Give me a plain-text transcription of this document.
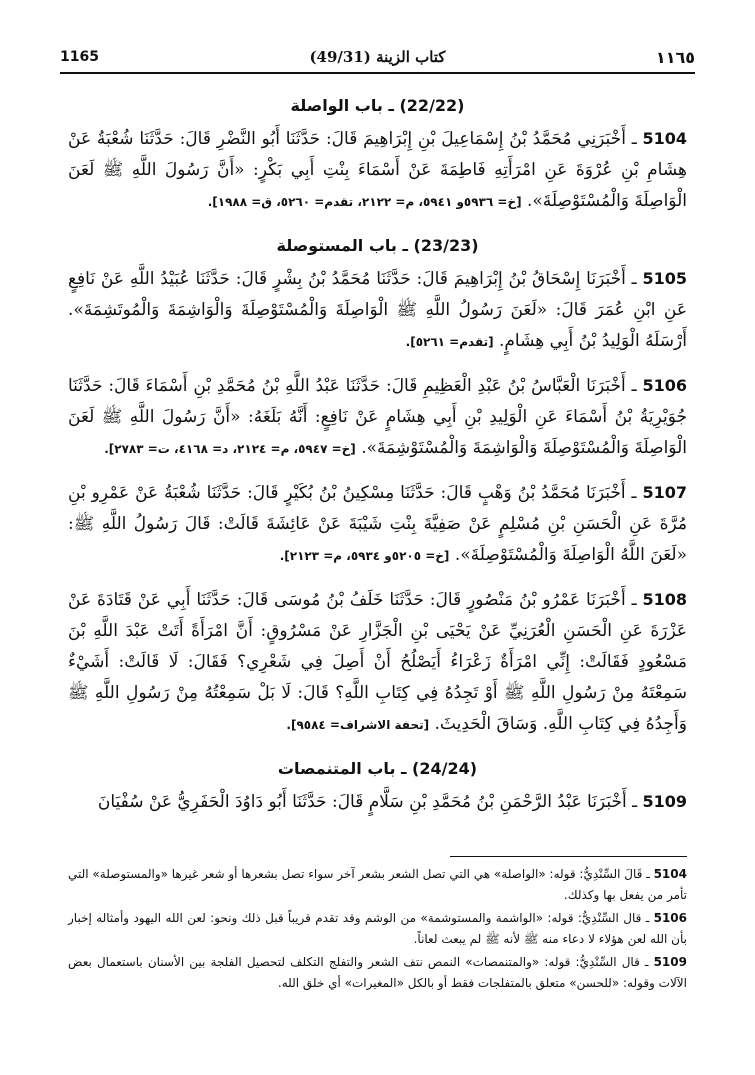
1165	كتاب الزينة (49/31)	١١٦٥
(22/22) ـ باب الواصلة

5104 ـ أَخْبَرَنِي مُحَمَّدُ بْنُ إِسْمَاعِيلَ بْنِ إِبْرَاهِيمَ قَالَ: حَدَّثَنَا أَبُو النَّضْرِ قَالَ: حَدَّثَنَا شُعْبَةُ عَنْ هِشَامِ بْنِ عُرْوَةَ عَنِ امْرَأَتِهِ فَاطِمَةَ عَنْ أَسْمَاءَ بِنْتِ أَبِي بَكْرٍ: «أَنَّ رَسُولَ اللَّهِ ﷺ لَعَنَ الْوَاصِلَةَ وَالْمُسْتَوْصِلَةَ». [خ= ٥٩٣٦و ٥٩٤١، م= ٢١٢٢، تقدم= ٥٢٦٠، ق= ١٩٨٨].

(23/23) ـ باب المستوصلة

5105 ـ أَخْبَرَنَا إِسْحَاقُ بْنُ إِبْرَاهِيمَ قَالَ: حَدَّثَنَا مُحَمَّدُ بْنُ بِشْرٍ قَالَ: حَدَّثَنَا عُبَيْدُ اللَّهِ عَنْ نَافِعٍ عَنِ ابْنِ عُمَرَ قَالَ: «لَعَنَ رَسُولُ اللَّهِ ﷺ الْوَاصِلَةَ وَالْمُسْتَوْصِلَةَ وَالْوَاشِمَةَ وَالْمُوتَشِمَةَ». أَرْسَلَهُ الْوَلِيدُ بْنُ أَبِي هِشَامٍ. [تقدم= ٥٢٦١].

5106 ـ أَخْبَرَنَا الْعَبَّاسُ بْنُ عَبْدِ الْعَظِيمِ قَالَ: حَدَّثَنَا عَبْدُ اللَّهِ بْنُ مُحَمَّدِ بْنِ أَسْمَاءَ قَالَ: حَدَّثَنَا جُوَيْرِيَةُ بْنُ أَسْمَاءَ عَنِ الْوَلِيدِ بْنِ أَبِي هِشَامٍ عَنْ نَافِعٍ: أَنَّهُ بَلَغَهُ: «أَنَّ رَسُولَ اللَّهِ ﷺ لَعَنَ الْوَاصِلَةَ وَالْمُسْتَوْصِلَةَ وَالْوَاشِمَةَ وَالْمُسْتَوْشِمَةَ». [خ= ٥٩٤٧، م= ٢١٢٤، د= ٤١٦٨، ت= ٢٧٨٣].

5107 ـ أَخْبَرَنَا مُحَمَّدُ بْنُ وَهْبٍ قَالَ: حَدَّثَنَا مِسْكِينُ بْنُ بُكَيْرٍ قَالَ: حَدَّثَنَا شُعْبَةُ عَنْ عَمْرِو بْنِ مُرَّةَ عَنِ الْحَسَنِ بْنِ مُسْلِمٍ عَنْ صَفِيَّةَ بِنْتِ شَيْبَةَ عَنْ عَائِشَةَ قَالَتْ: قَالَ رَسُولُ اللَّهِ ﷺ: «لَعَنَ اللَّهُ الْوَاصِلَةَ وَالْمُسْتَوْصِلَةَ». [خ= ٥٢٠٥و ٥٩٣٤، م= ٢١٢٣].

5108 ـ أَخْبَرَنَا عَمْرُو بْنُ مَنْصُورٍ قَالَ: حَدَّثَنَا خَلَفُ بْنُ مُوسَى قَالَ: حَدَّثَنَا أَبِي عَنْ قَتَادَةَ عَنْ عَزْرَةَ عَنِ الْحَسَنِ الْعُرَنِيِّ عَنْ يَحْيَى بْنِ الْجَزَّارِ عَنْ مَسْرُوقٍ: أَنَّ امْرَأَةً أَتَتْ عَبْدَ اللَّهِ بْنَ مَسْعُودٍ فَقَالَتْ: إِنِّي امْرَأَةٌ زَعْرَاءُ أَيَصْلُحُ أَنْ أَصِلَ فِي شَعْرِي؟ فَقَالَ: لَا قَالَتْ: أَشَيْءٌ سَمِعْتَهُ مِنْ رَسُولِ اللَّهِ ﷺ أَوْ تَجِدُهُ فِي كِتَابِ اللَّهِ؟ قَالَ: لَا بَلْ سَمِعْتُهُ مِنْ رَسُولِ اللَّهِ ﷺ وَأَجِدُهُ فِي كِتَابِ اللَّهِ. وَسَاقَ الْحَدِيثَ. [تحفة الاشراف= ٩٥٨٤].

(24/24) ـ باب المتنمصات

5109 ـ أَخْبَرَنَا عَبْدُ الرَّحْمَنِ بْنُ مُحَمَّدِ بْنِ سَلَّامٍ قَالَ: حَدَّثَنَا أَبُو دَاوُدَ الْحَفَرِيُّ عَنْ سُفْيَانَ

5104 ـ قَالَ السِّنْدِيُّ: قوله: «الواصلة» هي التي تصل الشعر بشعر آخر سواء تصل بشعرها أو شعر غيرها «والمستوصلة» التي تأمر من يفعل بها وكذلك.

5106 ـ قال السِّنْدِيُّ: قوله: «الواشمة والمستوشمة» من الوشم وقد تقدم قريباً قبل ذلك ونحو: لعن الله اليهود وأمثاله إخبار بأن الله لعن هؤلاء لا دعاء منه ﷺ لأنه ﷺ لم يبعث لعاناً.

5109 ـ قال السِّنْدِيُّ: قوله: «والمتنمصات» النمص نتف الشعر والتفلج التكلف لتحصيل الفلجة بين الأسنان باستعمال بعض الآلات وقوله: «للحسن» متعلق بالمتفلجات فقط أو بالكل «المغيرات» أي خلق الله.
